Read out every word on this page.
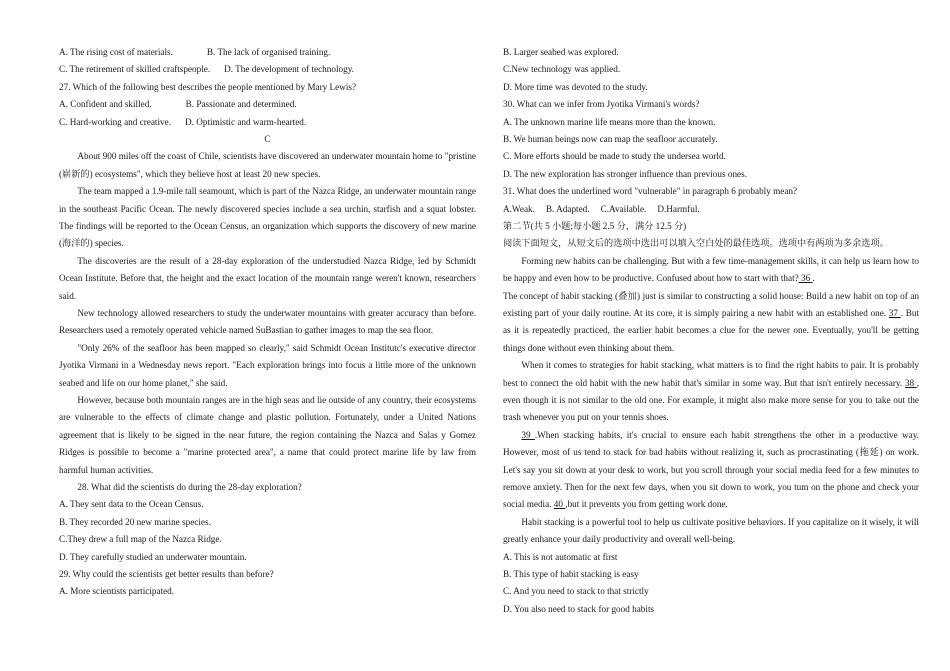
A. The rising cost of materials.	B. The lack of organised training.
C. The retirement of skilled craftspeople. D. The development of technology.
27. Which of the following best describes the people mentioned by Mary Lewis?
A. Confident and skilled.	B. Passionate and determined.
C. Hard-working and creative. D. Optimistic and warm-hearted.
C

About 900 miles off the coast of Chile, scientists have discovered an underwater mountain home to "pristine (崭新的) ecosystems", which they believe host at least 20 new species.

The team mapped a 1.9-mile tall seamount, which is part of the Nazca Ridge, an underwater mountain range in the southeast Pacific Ocean. The newly discovered species include a sea urchin, starfish and a squat lobster. The findings will be reported to the Ocean Census, an organization which supports the discovery of new marine (海洋的) species.

The discoveries are the result of a 28-day exploration of the understudied Nazca Ridge, led by Schmidt Ocean Institute. Before that, the height and the exact location of the mountain range weren't known, researchers said.

New technology allowed researchers to study the underwater mountains with greater accuracy than before. Researchers used a remotely operated vehicle named SuBastian to gather images to map the sea floor.

"Only 26% of the seafloor has been mapped so clearly," said Schmidt Ocean Institutc's executive director Jyotika Virmani in a Wednesday news report. "Each exploration brings into focus a little more of the unknown seabed and life on our home planet," she said.

However, because both mountain ranges are in the high seas and lie outside of any country, their ecosystems are vulnerable to the effects of climate change and plastic pollution. Fortunately, under a United Nations agreement that is likely to be signed in the near future, the region containing the Nazca and Salas y Gomez Ridges is possible to become a "marine protected area", a name that could protect marine life by law from harmful human activities.

28. What did the scientists do during the 28-day exploration?
A. They sent data to the Ocean Census.
B. They recorded 20 new marine species.
C.They drew a full map of the Nazca Ridge.
D. They carefully studied an underwater mountain.
29. Why could the scientists get better results than before?
A. More scientists participated.
B. Larger seabed was explored.
C.New technology was applied.
D. More time was devoted to the study.
30. What can we infer from Jyotika Virmani's words?
A. The unknown marine life means more than the known.
B. We human beings now can map the seafloor accurately.
C. More efforts should be made to study the undersea world.
D. The new exploration has stronger influence than previous ones.
31. What does the underlined word "vulnerable" in paragraph 6 probably mean?
A.Weak. B. Adapted. C.Available. D.Harmful.
第二节(共 5 小题;每小题 2.5 分，满分 12.5 分)
阅读下面短文，从短文后的选项中选出可以填入空白处的最佳选项。选项中有两项为多余选项。

Forming new habits can be challenging. But with a few time-management skills, it can help us learn how to be happy and even how to be productive. Confused about how to start with that? 36 .

The concept of habit stacking (叠加) just is similar to constructing a solid house: Build a new habit on top of an existing part of your daily routine. At its core, it is simply pairing a new habit with an established one. 37 . But as it is repeatedly practiced, the earlier habit becomes a clue for the newer one. Eventually, you'll be getting things done without even thinking about them.

When it comes to strategies for habit stacking, what matters is to find the right habits to pair. It is probably best to connect the old habit with the new habit that's similar in some way. But that isn't entirely necessary. 38 , even though it is not similar to the old one. For example, it might also make more sense for you to take out the trash whenever you put on your tennis shoes.

39 .When stacking habits, it's crucial to ensure each habit strengthens the other in a productive way. However, most of us tend to stack for bad habits without realizing it, such as procrastinating (拖延) on work. Let's say you sit down at your desk to work, but you scroll through your social media feed for a few minutes to remove anxiety. Then for the next few days, when you sit down to work, you tum on the phone and check your social media. 40 ,but it prevents you from getting work done.

Habit stacking is a powerful tool to help us cultivate positive behaviors. If you capitalize on it wisely, it will greatly enhance your daily productivity and overall well-being.

A. This is not automatic at first
B. This type of habit stacking is easy
C. And you need to stack to that strictly
D. You also need to stack for good habits
